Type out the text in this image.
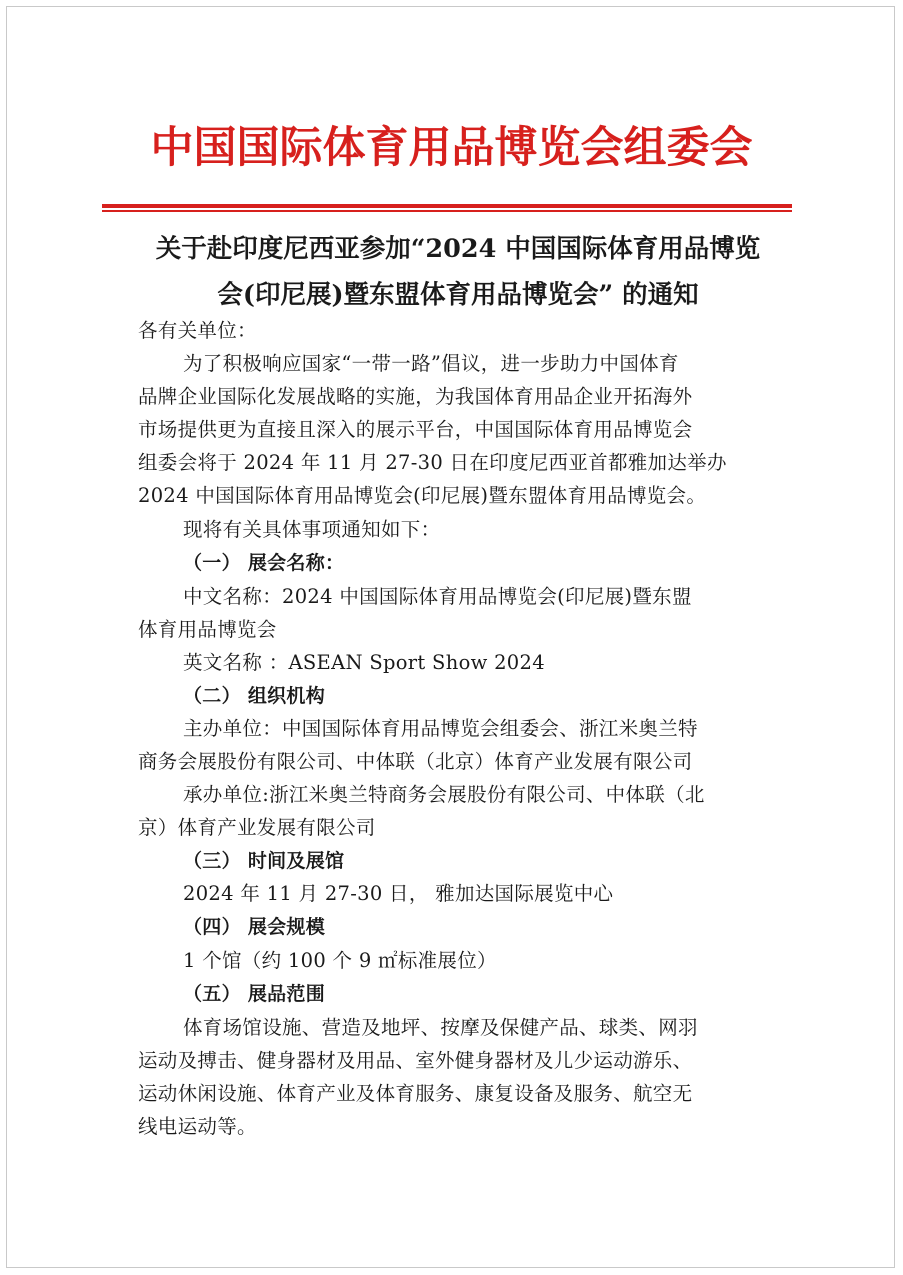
中国国际体育用品博览会组委会
关于赴印度尼西亚参加“2024 中国国际体育用品博览
会(印尼展)暨东盟体育用品博览会” 的通知
各有关单位：
为了积极响应国家“一带一路”倡议，进一步助力中国体育
品牌企业国际化发展战略的实施，为我国体育用品企业开拓海外
市场提供更为直接且深入的展示平台，中国国际体育用品博览会
组委会将于 2024 年 11 月 27-30 日在印度尼西亚首都雅加达举办
2024 中国国际体育用品博览会(印尼展)暨东盟体育用品博览会。
现将有关具体事项通知如下：
（一） 展会名称：
中文名称：2024 中国国际体育用品博览会(印尼展)暨东盟
体育用品博览会
英文名称 ：ASEAN Sport Show 2024
（二） 组织机构
主办单位：中国国际体育用品博览会组委会、浙江米奥兰特
商务会展股份有限公司、中体联（北京）体育产业发展有限公司
承办单位:浙江米奥兰特商务会展股份有限公司、中体联（北
京）体育产业发展有限公司
（三） 时间及展馆
2024 年 11 月 27-30 日， 雅加达国际展览中心
（四） 展会规模
1 个馆（约 100 个 9 ㎡标准展位）
（五） 展品范围
体育场馆设施、营造及地坪、按摩及保健产品、球类、网羽
运动及搏击、健身器材及用品、室外健身器材及儿少运动游乐、
运动休闲设施、体育产业及体育服务、康复设备及服务、航空无
线电运动等。
